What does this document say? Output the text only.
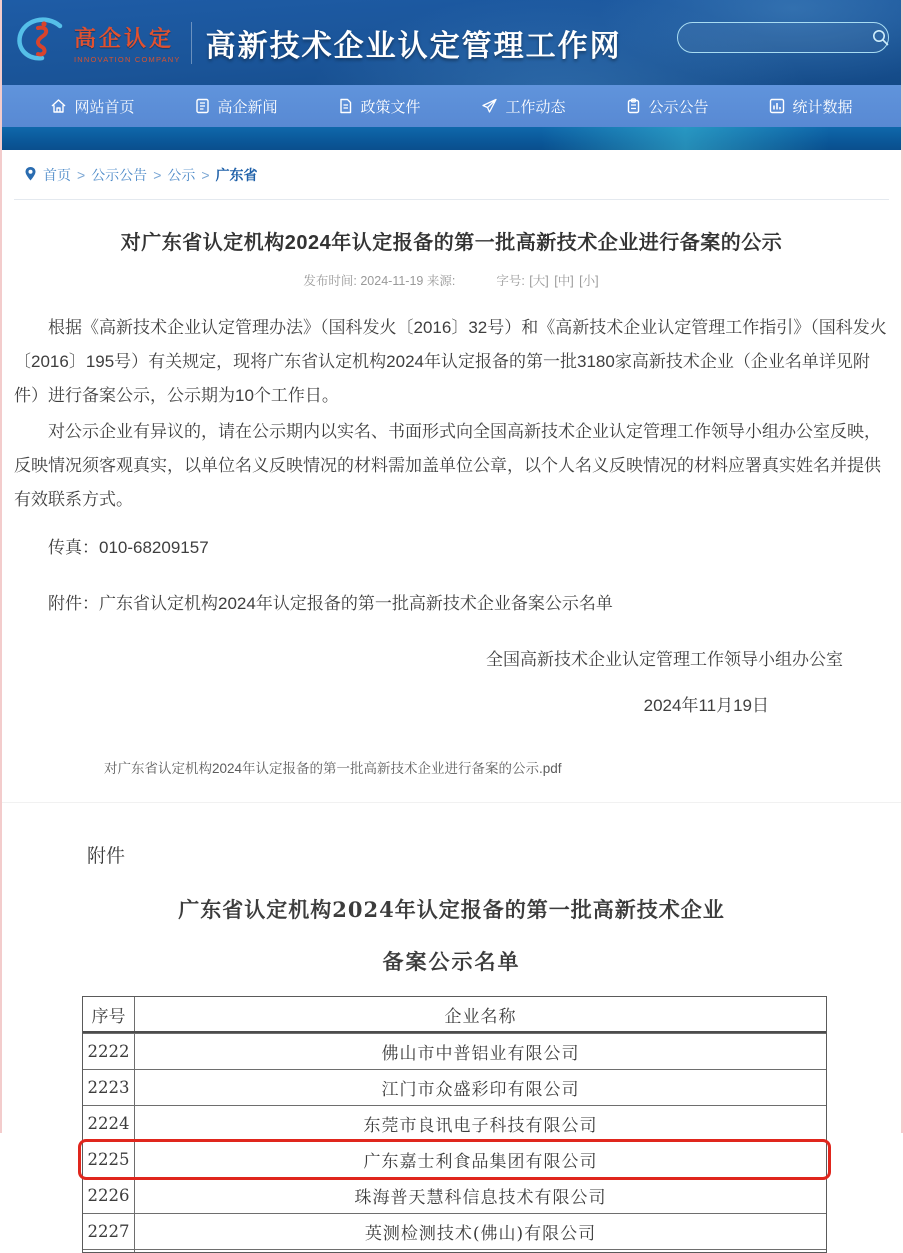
高企认定
INNOVATION COMPANY 高新技术企业认定管理工作网
网站首页	高企新闻	政策文件	工作动态	公示公告	统计数据
首页 > 公示公告 > 公示 > 广东省
对广东省认定机构2024年认定报备的第一批高新技术企业进行备案的公示
发布时间: 2024-11-19 来源:	字号: [大] [中] [小]

根据《高新技术企业认定管理办法》（国科发火〔2016〕32号）和《高新技术企业认定管理工作指引》（国科发火〔2016〕195号）有关规定，现将广东省认定机构2024年认定报备的第一批3180家高新技术企业（企业名单详见附件）进行备案公示，公示期为10个工作日。

对公示企业有异议的，请在公示期内以实名、书面形式向全国高新技术企业认定管理工作领导小组办公室反映，反映情况须客观真实，以单位名义反映情况的材料需加盖单位公章，以个人名义反映情况的材料应署真实姓名并提供有效联系方式。

传真：010-68209157

附件：广东省认定机构2024年认定报备的第一批高新技术企业备案公示名单

全国高新技术企业认定管理工作领导小组办公室

2024年11月19日

对广东省认定机构2024年认定报备的第一批高新技术企业进行备案的公示.pdf
附件
广东省认定机构2024年认定报备的第一批高新技术企业
备案公示名单
序号	企业名称
2222	佛山市中普铝业有限公司
2223	江门市众盛彩印有限公司
2224	东莞市良讯电子科技有限公司
2225	广东嘉士利食品集团有限公司
2226	珠海普天慧科信息技术有限公司
2227	英测检测技术(佛山)有限公司
